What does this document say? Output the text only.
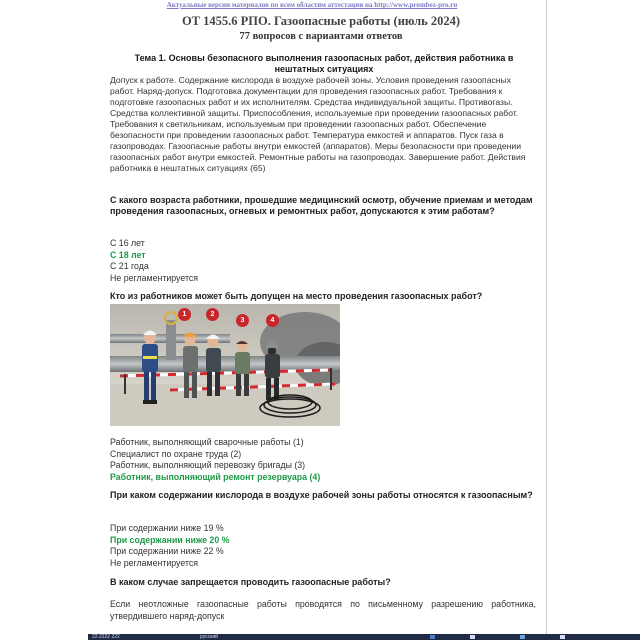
Актуальные версии материалов по всем областям аттестации на http://www.prombez-pro.ru
ОТ 1455.6 РПО. Газоопасные работы (июль 2024)
77 вопросов с вариантами ответов
Тема 1. Основы безопасного выполнения газоопасных работ, действия работника в нештатных ситуациях
Допуск к работе. Содержание кислорода в воздухе рабочей зоны. Условия проведения газоопасных работ. Наряд-допуск. Подготовка документации для проведения газоопасных работ. Требования к подготовке газоопасных работ и их исполнителям. Средства индивидуальной защиты. Противогазы. Средства коллективной защиты. Приспособления, используемые при проведении газоопасных работ. Требования к светильникам, используемым при проведении газоопасных работ. Обеспечение безопасности при проведении газоопасных работ. Температура емкостей и аппаратов. Пуск газа в газопроводах. Газоопасные работы внутри емкостей (аппаратов). Меры безопасности при проведении газоопасных работ внутри емкостей. Ремонтные работы на газопроводах. Завершение работ. Действия работника в нештатных ситуациях (65)
С какого возраста работники, прошедшие медицинский осмотр, обучение приемам и методам проведения газоопасных, огневых и ремонтных работ, допускаются к этим работам?
С 16 лет
С 18 лет
С 21 года
Не регламентируется
Кто из работников может быть допущен на место проведения газоопасных работ?
1	2
3	4
Работник, выполняющий сварочные работы (1)
Специалист по охране труда (2)
Работник, выполняющий перевозку бригады (3)
Работник, выполняющий ремонт резервуара (4)
При каком содержании кислорода в воздухе рабочей зоны работы относятся к газоопасным?
При содержании ниже 19 %
При содержании ниже 20 %
При содержании ниже 22 %
Не регламентируется
В каком случае запрещается проводить газоопасные работы?
Если неотложные газоопасные работы проводятся по письменному разрешению работника, утвердившего наряд-допуск
22.2222 222	русский
